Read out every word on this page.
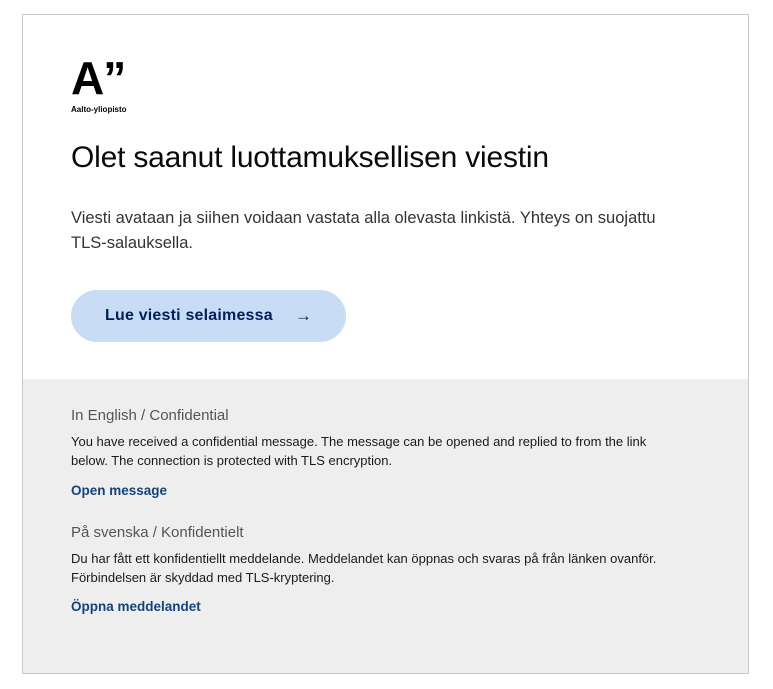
A”
Aalto-yliopisto
Olet saanut luottamuksellisen viestin

Viesti avataan ja siihen voidaan vastata alla olevasta linkistä. Yhteys on suojattu TLS-salauksella.

Lue viesti selaimessa →

In English / Confidential

You have received a confidential message. The message can be opened and replied to from the link below. The connection is protected with TLS encryption.

Open message

På svenska / Konfidentielt

Du har fått ett konfidentiellt meddelande. Meddelandet kan öppnas och svaras på från länken ovanför. Förbindelsen är skyddad med TLS-kryptering.

Öppna meddelandet
